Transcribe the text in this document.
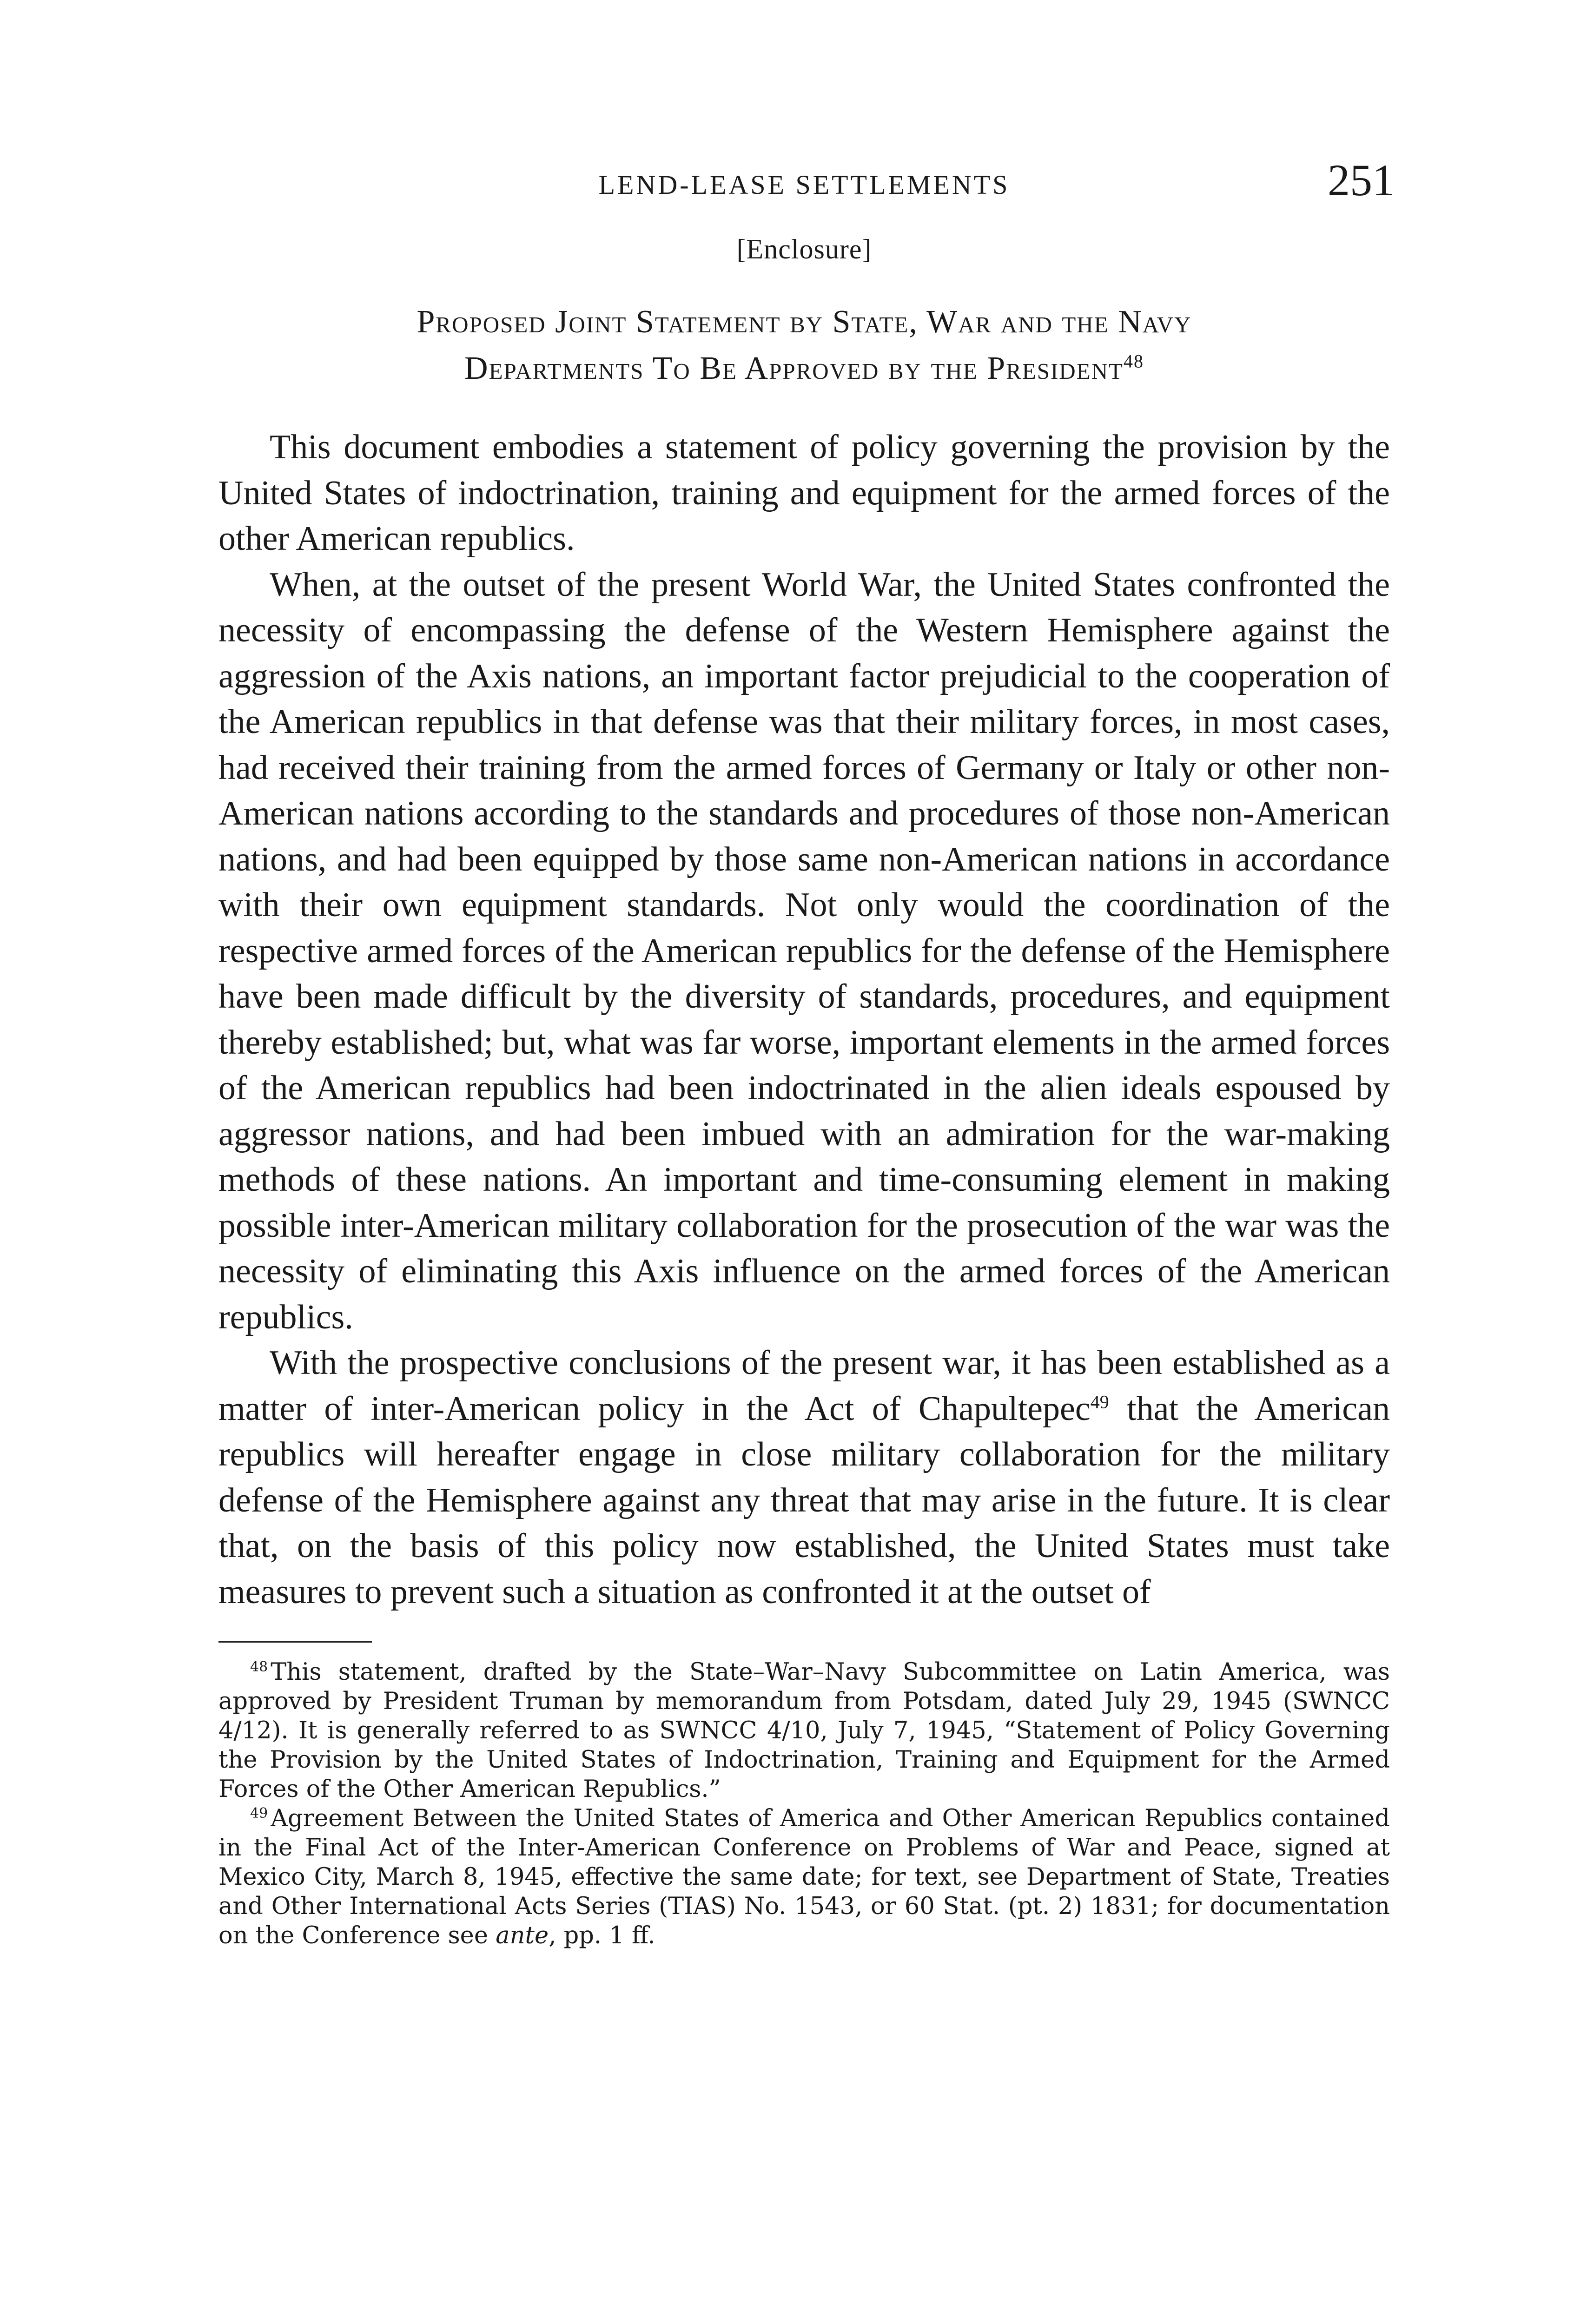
LEND-LEASE SETTLEMENTS	251
[Enclosure]
Proposed Joint Statement by State, War and the Navy
Departments To Be Approved by the President$^{48}$

This document embodies a statement of policy governing the provision by the United States of indoctrination, training and equipment for the armed forces of the other American republics.

When, at the outset of the present World War, the United States confronted the necessity of encompassing the defense of the Western Hemisphere against the aggression of the Axis nations, an important factor prejudicial to the cooperation of the American republics in that defense was that their military forces, in most cases, had received their training from the armed forces of Germany or Italy or other non-American nations according to the standards and procedures of those non-American nations, and had been equipped by those same non-American nations in accordance with their own equipment standards. Not only would the coordination of the respective armed forces of the American republics for the defense of the Hemisphere have been made difficult by the diversity of standards, procedures, and equipment thereby established; but, what was far worse, important elements in the armed forces of the American republics had been indoctrinated in the alien ideals espoused by aggressor nations, and had been imbued with an admiration for the war-making methods of these nations. An important and time-consuming element in making possible inter-American military collaboration for the prosecution of the war was the necessity of eliminating this Axis influence on the armed forces of the American republics.

With the prospective conclusions of the present war, it has been established as a matter of inter-American policy in the Act of Chapultepec$^{49}$ that the American republics will hereafter engage in close military collaboration for the military defense of the Hemisphere against any threat that may arise in the future. It is clear that, on the basis of this policy now established, the United States must take measures to prevent such a situation as confronted it at the outset of

$^{48}$ This statement, drafted by the State–War–Navy Subcommittee on Latin America, was approved by President Truman by memorandum from Potsdam, dated July 29, 1945 (SWNCC 4/12). It is generally referred to as SWNCC 4/10, July 7, 1945, “Statement of Policy Governing the Provision by the United States of Indoctrination, Training and Equipment for the Armed Forces of the Other American Republics.”

$^{49}$ Agreement Between the United States of America and Other American Republics contained in the Final Act of the Inter-American Conference on Problems of War and Peace, signed at Mexico City, March 8, 1945, effective the same date; for text, see Department of State, Treaties and Other International Acts Series (TIAS) No. 1543, or 60 Stat. (pt. 2) 1831; for documentation on the Conference see ante, pp. 1 ff.
